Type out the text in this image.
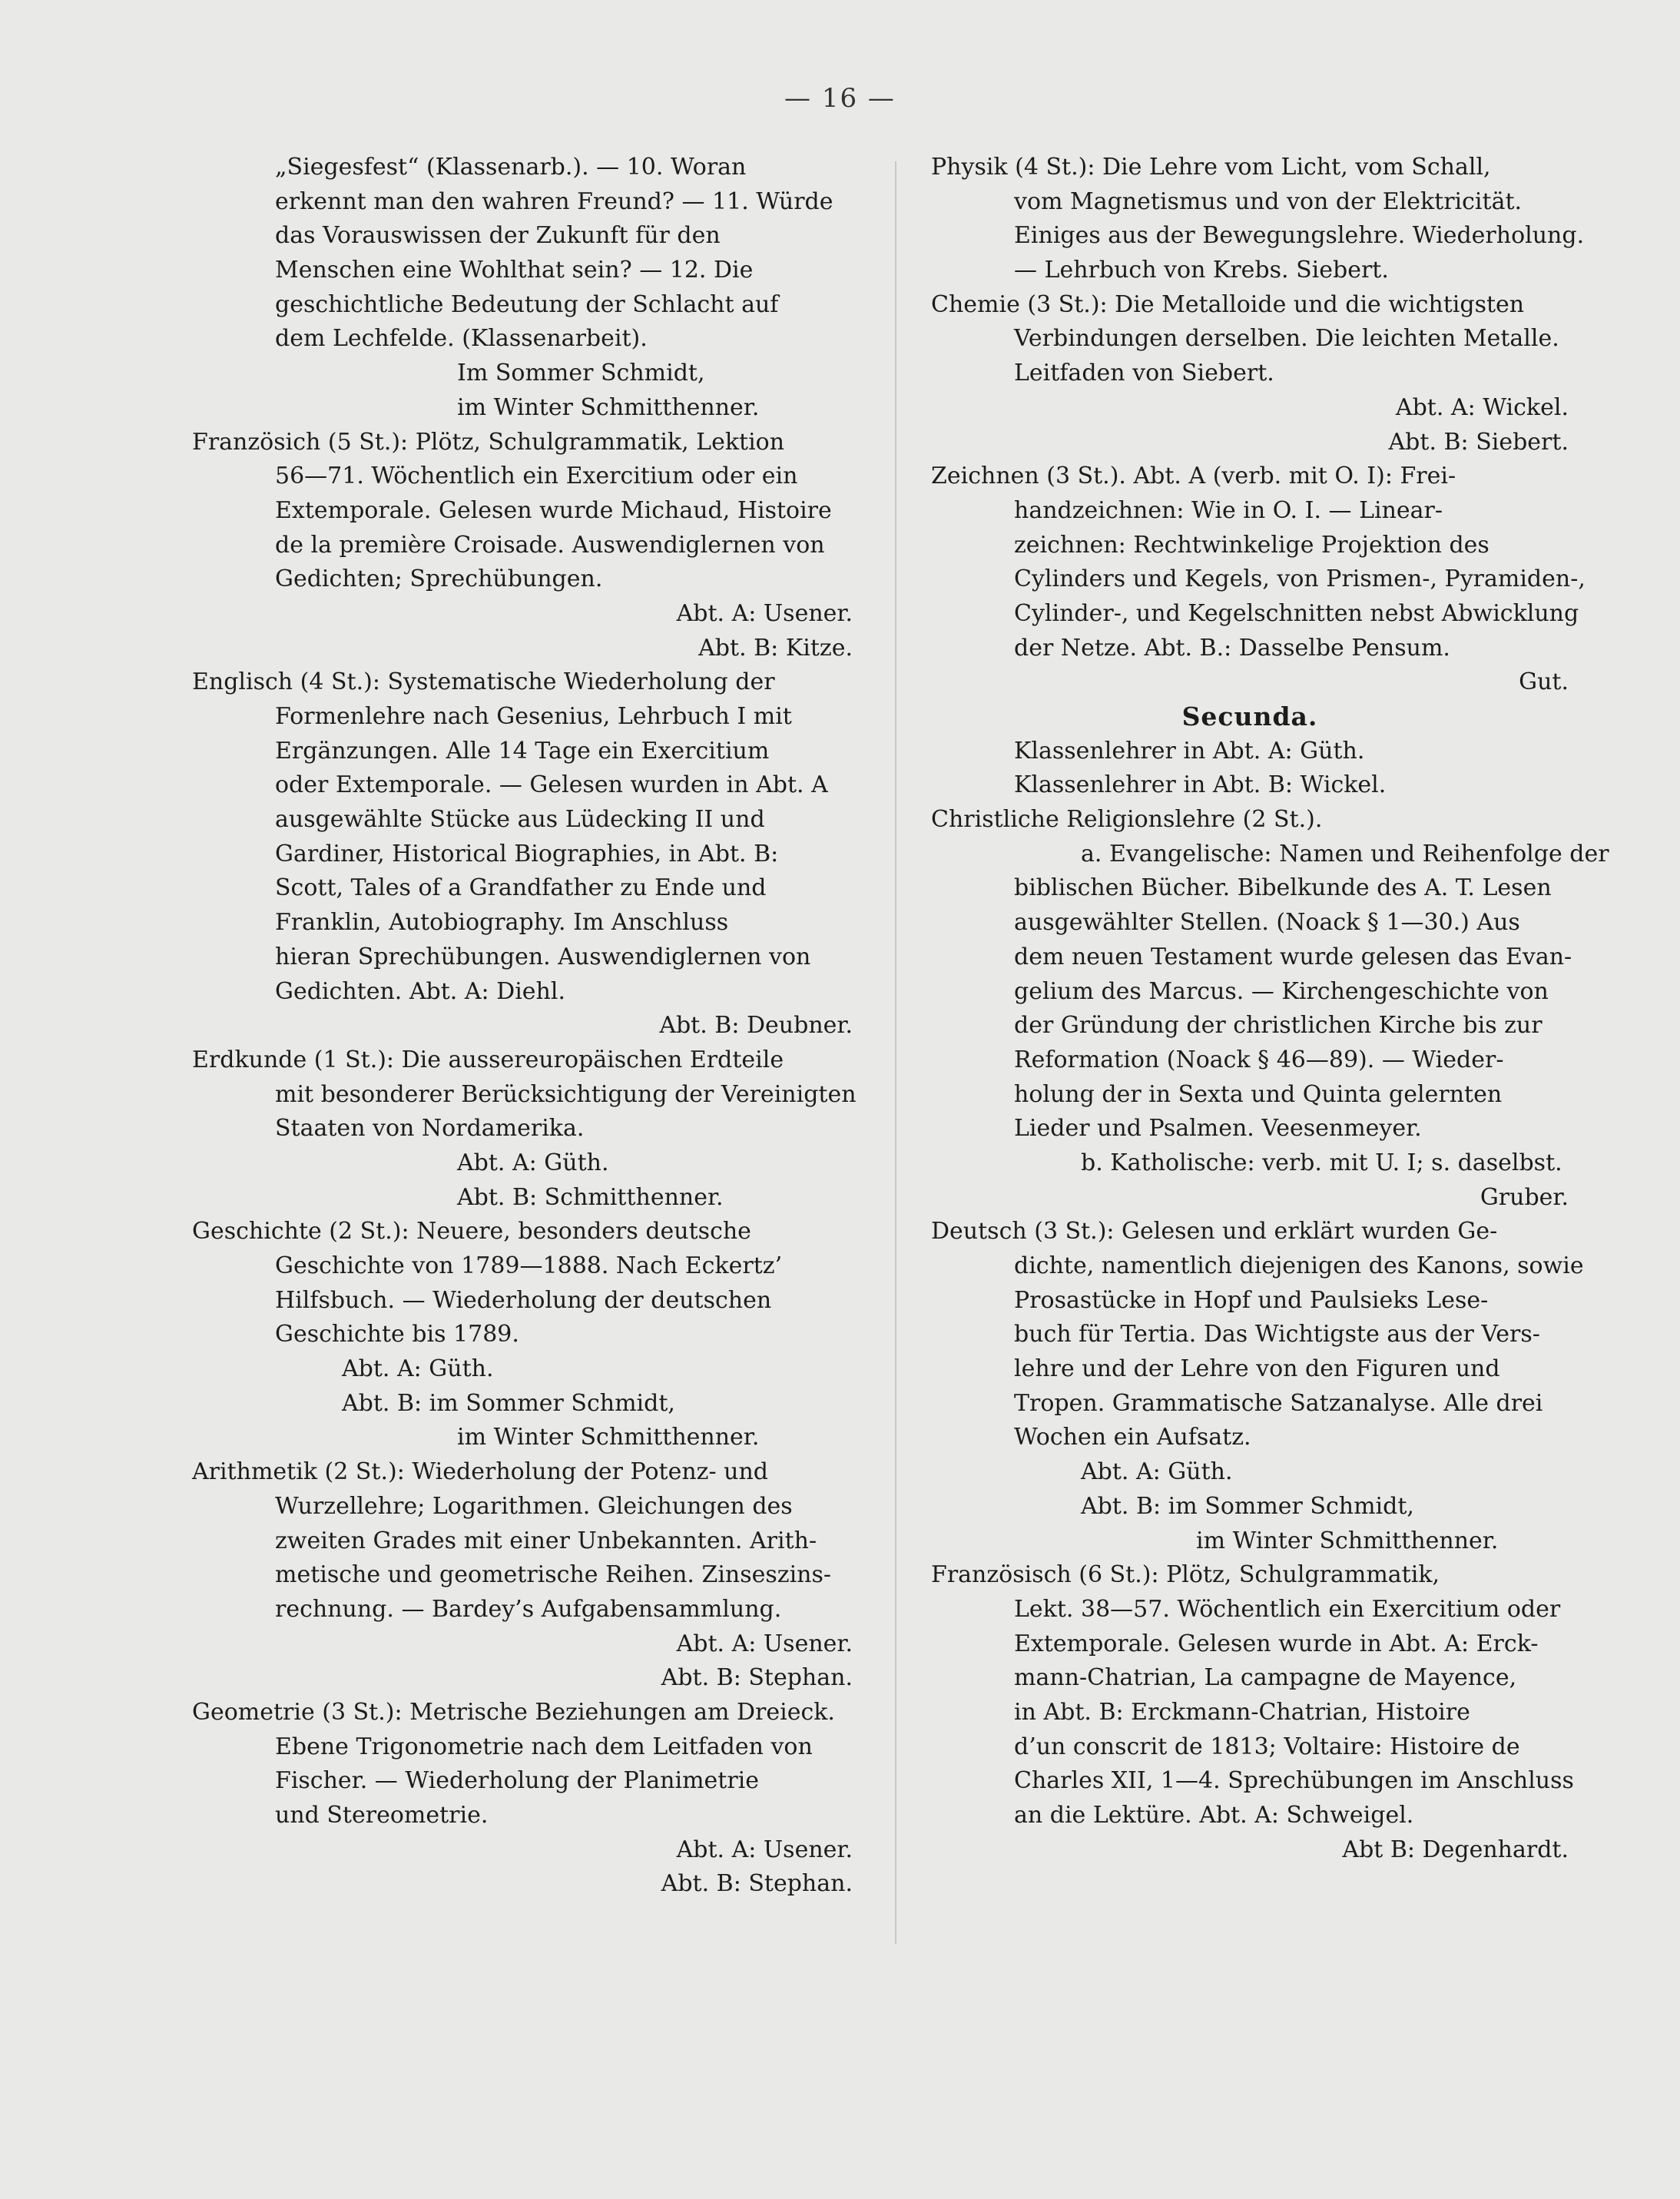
— 16 —
„Siegesfest“ (Klassenarb.). — 10. Woran
erkennt man den wahren Freund? — 11. Würde
das Vorauswissen der Zukunft für den
Menschen eine Wohlthat sein? — 12. Die
geschichtliche Bedeutung der Schlacht auf
dem Lechfelde. (Klassenarbeit).
Im Sommer Schmidt,
im Winter Schmitthenner.
Französich (5 St.): Plötz, Schulgrammatik, Lektion
56—71. Wöchentlich ein Exercitium oder ein
Extemporale. Gelesen wurde Michaud, Histoire
de la première Croisade. Auswendiglernen von
Gedichten; Sprechübungen.
Abt. A: Usener.
Abt. B: Kitze.
Englisch (4 St.): Systematische Wiederholung der
Formenlehre nach Gesenius, Lehrbuch I mit
Ergänzungen. Alle 14 Tage ein Exercitium
oder Extemporale. — Gelesen wurden in Abt. A
ausgewählte Stücke aus Lüdecking II und
Gardiner, Historical Biographies, in Abt. B:
Scott, Tales of a Grandfather zu Ende und
Franklin, Autobiography. Im Anschluss
hieran Sprechübungen. Auswendiglernen von
Gedichten. Abt. A: Diehl.
Abt. B: Deubner.
Erdkunde (1 St.): Die aussereuropäischen Erdteile
mit besonderer Berücksichtigung der Vereinigten
Staaten von Nordamerika.
Abt. A: Güth.
Abt. B: Schmitthenner.
Geschichte (2 St.): Neuere, besonders deutsche
Geschichte von 1789—1888. Nach Eckertz’
Hilfsbuch. — Wiederholung der deutschen
Geschichte bis 1789.
Abt. A: Güth.
Abt. B: im Sommer Schmidt,
im Winter Schmitthenner.
Arithmetik (2 St.): Wiederholung der Potenz- und
Wurzellehre; Logarithmen. Gleichungen des
zweiten Grades mit einer Unbekannten. Arith-
metische und geometrische Reihen. Zinseszins-
rechnung. — Bardey’s Aufgabensammlung.
Abt. A: Usener.
Abt. B: Stephan.
Geometrie (3 St.): Metrische Beziehungen am Dreieck.
Ebene Trigonometrie nach dem Leitfaden von
Fischer. — Wiederholung der Planimetrie
und Stereometrie.
Abt. A: Usener.
Abt. B: Stephan.
Physik (4 St.): Die Lehre vom Licht, vom Schall,
vom Magnetismus und von der Elektricität.
Einiges aus der Bewegungslehre. Wiederholung.
— Lehrbuch von Krebs. Siebert.
Chemie (3 St.): Die Metalloide und die wichtigsten
Verbindungen derselben. Die leichten Metalle.
Leitfaden von Siebert.
Abt. A: Wickel.
Abt. B: Siebert.
Zeichnen (3 St.). Abt. A (verb. mit O. I): Frei-
handzeichnen: Wie in O. I. — Linear-
zeichnen: Rechtwinkelige Projektion des
Cylinders und Kegels, von Prismen-, Pyramiden-,
Cylinder-, und Kegelschnitten nebst Abwicklung
der Netze. Abt. B.: Dasselbe Pensum.
Gut.
Secunda.
Klassenlehrer in Abt. A: Güth.
Klassenlehrer in Abt. B: Wickel.
Christliche Religionslehre (2 St.).
a. Evangelische: Namen und Reihenfolge der
biblischen Bücher. Bibelkunde des A. T. Lesen
ausgewählter Stellen. (Noack § 1—30.) Aus
dem neuen Testament wurde gelesen das Evan-
gelium des Marcus. — Kirchengeschichte von
der Gründung der christlichen Kirche bis zur
Reformation (Noack § 46—89). — Wieder-
holung der in Sexta und Quinta gelernten
Lieder und Psalmen. Veesenmeyer.
b. Katholische: verb. mit U. I; s. daselbst.
Gruber.
Deutsch (3 St.): Gelesen und erklärt wurden Ge-
dichte, namentlich diejenigen des Kanons, sowie
Prosastücke in Hopf und Paulsieks Lese-
buch für Tertia. Das Wichtigste aus der Vers-
lehre und der Lehre von den Figuren und
Tropen. Grammatische Satzanalyse. Alle drei
Wochen ein Aufsatz.
Abt. A: Güth.
Abt. B: im Sommer Schmidt,
im Winter Schmitthenner.
Französisch (6 St.): Plötz, Schulgrammatik,
Lekt. 38—57. Wöchentlich ein Exercitium oder
Extemporale. Gelesen wurde in Abt. A: Erck-
mann-Chatrian, La campagne de Mayence,
in Abt. B: Erckmann-Chatrian, Histoire
d’un conscrit de 1813; Voltaire: Histoire de
Charles XII, 1—4. Sprechübungen im Anschluss
an die Lektüre. Abt. A: Schweigel.
Abt B: Degenhardt.
